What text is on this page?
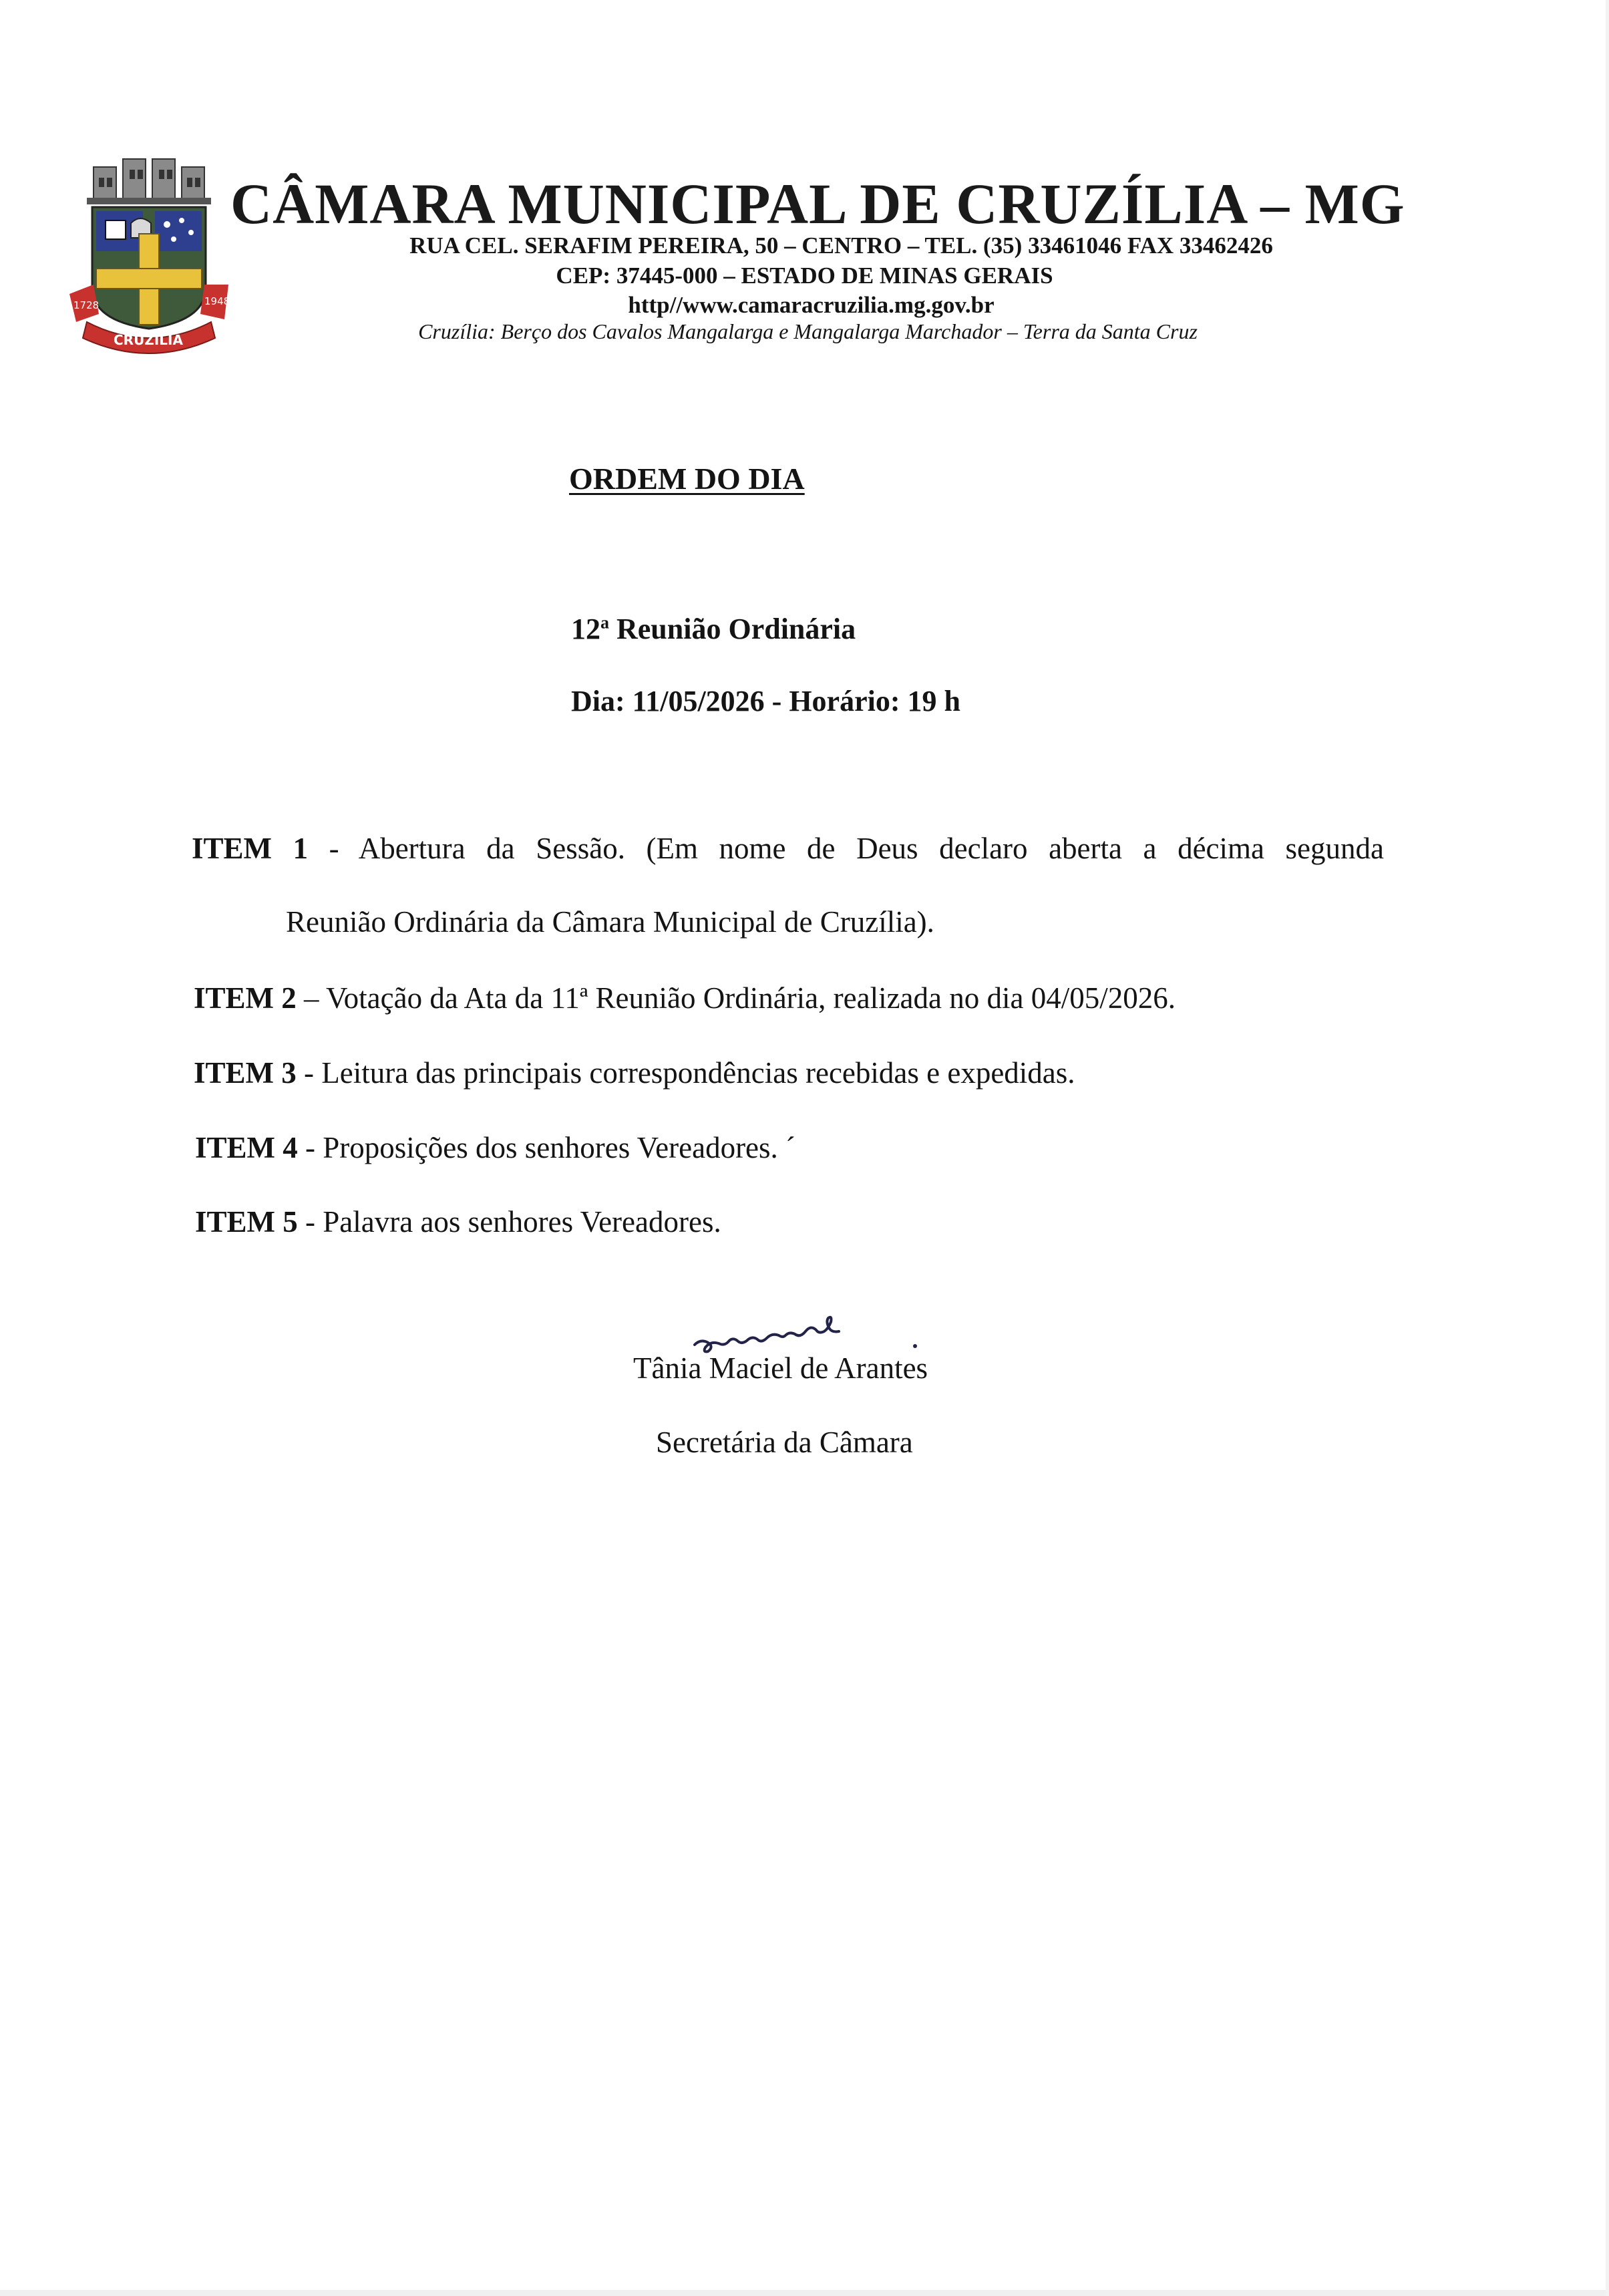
1728	1948
CRUZÍLIA
CÂMARA MUNICIPAL DE CRUZÍLIA – MG
RUA CEL. SERAFIM PEREIRA, 50 – CENTRO – TEL. (35) 33461046 FAX 33462426
CEP: 37445-000 – ESTADO DE MINAS GERAIS
http//www.camaracruzilia.mg.gov.br
Cruzília: Berço dos Cavalos Mangalarga e Mangalarga Marchador – Terra da Santa Cruz
ORDEM DO DIA
12$^a$ Reunião Ordinária
Dia: 11/05/2026 - Horário: 19 h
ITEM 1 - Abertura da Sessão. (Em nome de Deus declaro aberta a décima segunda
Reunião Ordinária da Câmara Municipal de Cruzília).
ITEM 2 – Votação da Ata da 11ª Reunião Ordinária, realizada no dia 04/05/2026.
ITEM 3 - Leitura das principais correspondências recebidas e expedidas.
ITEM 4 - Proposições dos senhores Vereadores. ´
ITEM 5 - Palavra aos senhores Vereadores.
Tânia Maciel de Arantes
Secretária da Câmara
